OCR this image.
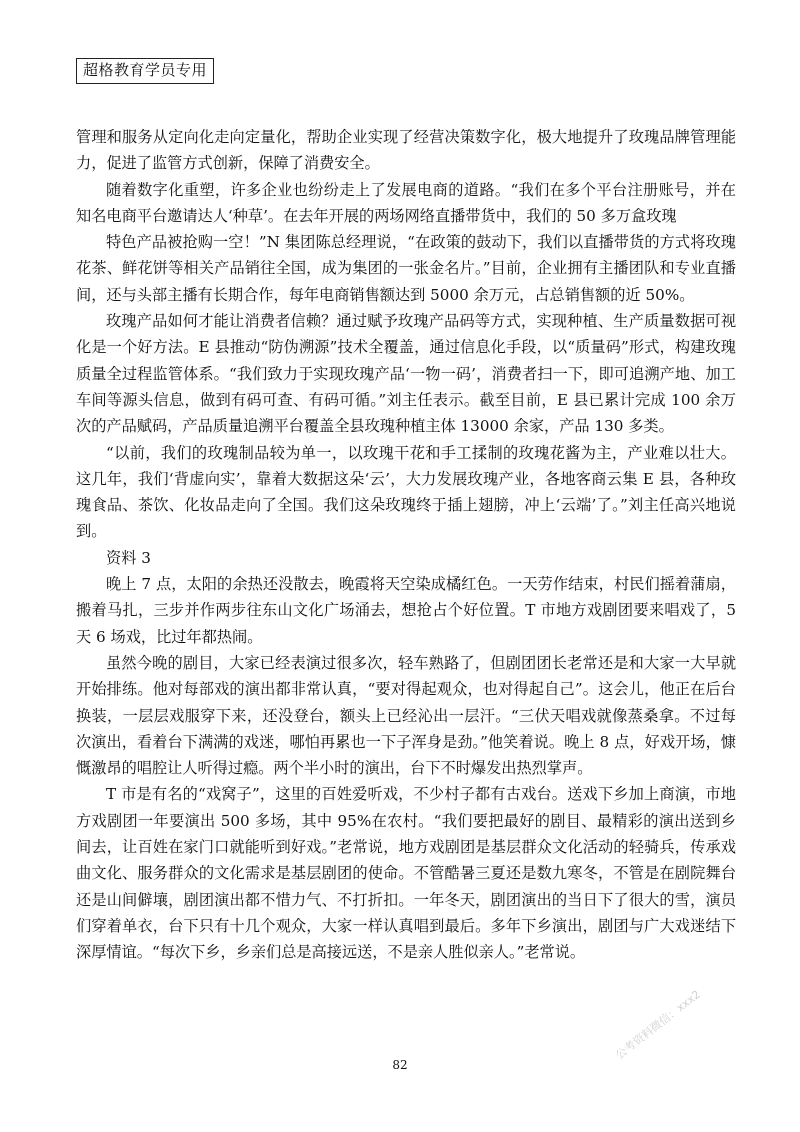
超格教育学员专用

管理和服务从定向化走向定量化，帮助企业实现了经营决策数字化，极大地提升了玫瑰品牌管理能力，促进了监管方式创新，保障了消费安全。

随着数字化重塑，许多企业也纷纷走上了发展电商的道路。“我们在多个平台注册账号，并在知名电商平台邀请达人‘种草’。在去年开展的两场网络直播带货中，我们的 50 多万盒玫瑰

特色产品被抢购一空！”N 集团陈总经理说，“在政策的鼓动下，我们以直播带货的方式将玫瑰花茶、鲜花饼等相关产品销往全国，成为集团的一张金名片。”目前，企业拥有主播团队和专业直播间，还与头部主播有长期合作，每年电商销售额达到 5000 余万元，占总销售额的近 50%。

玫瑰产品如何才能让消费者信赖？通过赋予玫瑰产品码等方式，实现种植、生产质量数据可视化是一个好方法。E 县推动“防伪溯源”技术全覆盖，通过信息化手段，以“质量码”形式，构建玫瑰质量全过程监管体系。“我们致力于实现玫瑰产品‘一物一码’，消费者扫一下，即可追溯产地、加工车间等源头信息，做到有码可查、有码可循。”刘主任表示。截至目前，E 县已累计完成 100 余万次的产品赋码，产品质量追溯平台覆盖全县玫瑰种植主体 13000 余家，产品 130 多类。

“以前，我们的玫瑰制品较为单一，以玫瑰干花和手工揉制的玫瑰花酱为主，产业难以壮大。这几年，我们‘背虚向实’，靠着大数据这朵‘云’，大力发展玫瑰产业，各地客商云集 E 县，各种玫瑰食品、茶饮、化妆品走向了全国。我们这朵玫瑰终于插上翅膀，冲上‘云端’了。”刘主任高兴地说到。

资料 3

晚上 7 点，太阳的余热还没散去，晚霞将天空染成橘红色。一天劳作结束，村民们摇着蒲扇，搬着马扎，三步并作两步往东山文化广场涌去，想抢占个好位置。T 市地方戏剧团要来唱戏了，5 天 6 场戏，比过年都热闹。

虽然今晚的剧目，大家已经表演过很多次，轻车熟路了，但剧团团长老常还是和大家一大早就开始排练。他对每部戏的演出都非常认真，“要对得起观众，也对得起自己”。这会儿，他正在后台换装，一层层戏服穿下来，还没登台，额头上已经沁出一层汗。“三伏天唱戏就像蒸桑拿。不过每次演出，看着台下满满的戏迷，哪怕再累也一下子浑身是劲。”他笑着说。晚上 8 点，好戏开场，慷慨激昂的唱腔让人听得过瘾。两个半小时的演出，台下不时爆发出热烈掌声。

T 市是有名的“戏窝子”，这里的百姓爱听戏，不少村子都有古戏台。送戏下乡加上商演，市地方戏剧团一年要演出 500 多场，其中 95%在农村。“我们要把最好的剧目、最精彩的演出送到乡间去，让百姓在家门口就能听到好戏。”老常说，地方戏剧团是基层群众文化活动的轻骑兵，传承戏曲文化、服务群众的文化需求是基层剧团的使命。不管酷暑三夏还是数九寒冬，不管是在剧院舞台还是山间僻壤，剧团演出都不惜力气、不打折扣。一年冬天，剧团演出的当日下了很大的雪，演员们穿着单衣，台下只有十几个观众，大家一样认真唱到最后。多年下乡演出，剧团与广大戏迷结下深厚情谊。“每次下乡，乡亲们总是高接远送，不是亲人胜似亲人。”老常说。

公考资料微信：xxx2
82
